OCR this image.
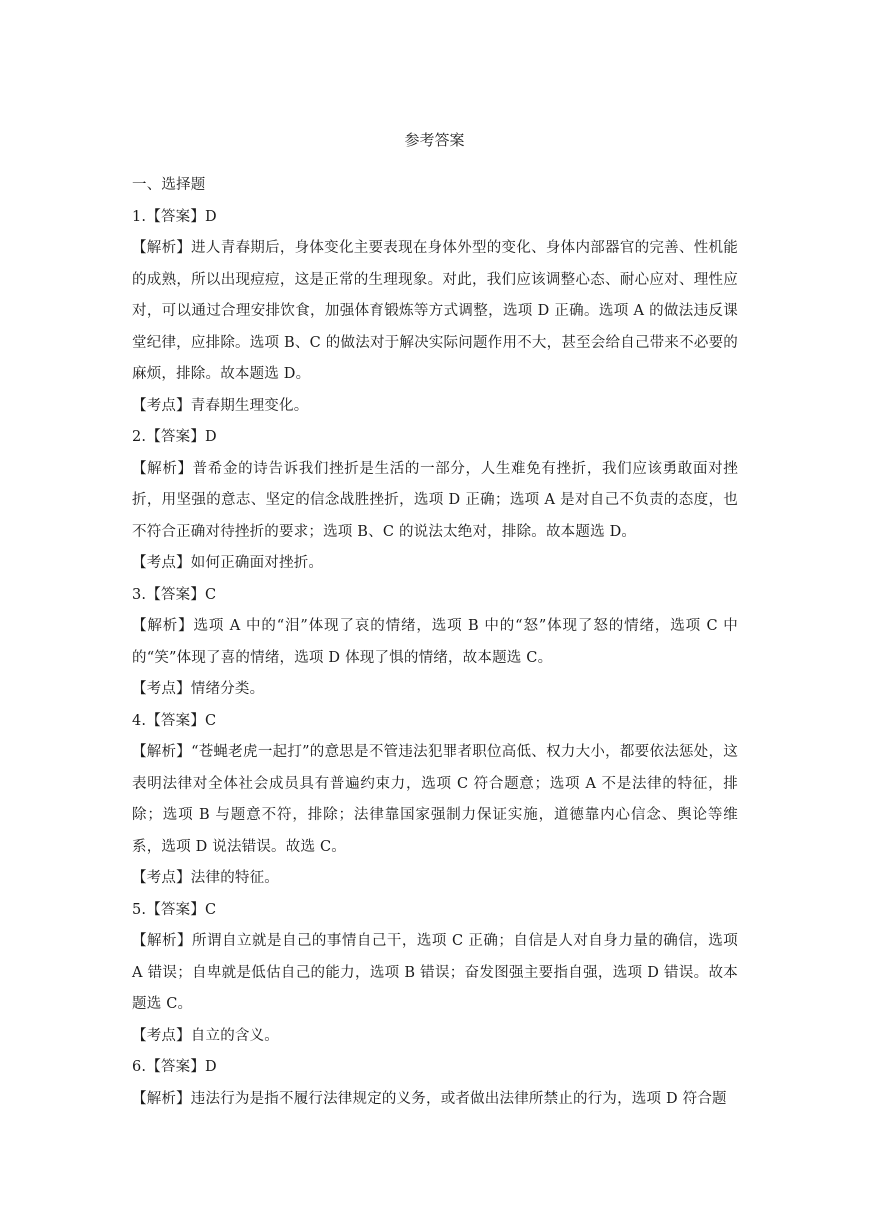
参考答案
一、选择题
1.【答案】D
【解析】进人青春期后，身体变化主要表现在身体外型的变化、身体内部器官的完善、性机能的成熟，所以出现痘痘，这是正常的生理现象。对此，我们应该调整心态、耐心应对、理性应对，可以通过合理安排饮食，加强体育锻炼等方式调整，选项 D 正确。选项 A 的做法违反课堂纪律，应排除。选项 B、C 的做法对于解决实际问题作用不大，甚至会给自己带来不必要的麻烦，排除。故本题选 D。
【考点】青春期生理变化。
2.【答案】D
【解析】普希金的诗告诉我们挫折是生活的一部分，人生难免有挫折，我们应该勇敢面对挫折，用坚强的意志、坚定的信念战胜挫折，选项 D 正确；选项 A 是对自己不负责的态度，也不符合正确对待挫折的要求；选项 B、C 的说法太绝对，排除。故本题选 D。
【考点】如何正确面对挫折。
3.【答案】C
【解析】选项 A 中的“泪”体现了哀的情绪，选项 B 中的“怒”体现了怒的情绪，选项 C 中的“笑”体现了喜的情绪，选项 D 体现了惧的情绪，故本题选 C。
【考点】情绪分类。
4.【答案】C
【解析】“苍蝇老虎一起打”的意思是不管违法犯罪者职位高低、权力大小，都要依法惩处，这表明法律对全体社会成员具有普遍约束力，选项 C 符合题意；选项 A 不是法律的特征，排除；选项 B 与题意不符，排除；法律靠国家强制力保证实施，道德靠内心信念、舆论等维系，选项 D 说法错误。故选 C。
【考点】法律的特征。
5.【答案】C
【解析】所谓自立就是自己的事情自己干，选项 C 正确；自信是人对自身力量的确信，选项 A 错误；自卑就是低估自己的能力，选项 B 错误；奋发图强主要指自强，选项 D 错误。故本题选 C。
【考点】自立的含义。
6.【答案】D
【解析】违法行为是指不履行法律规定的义务，或者做出法律所禁止的行为，选项 D 符合题
